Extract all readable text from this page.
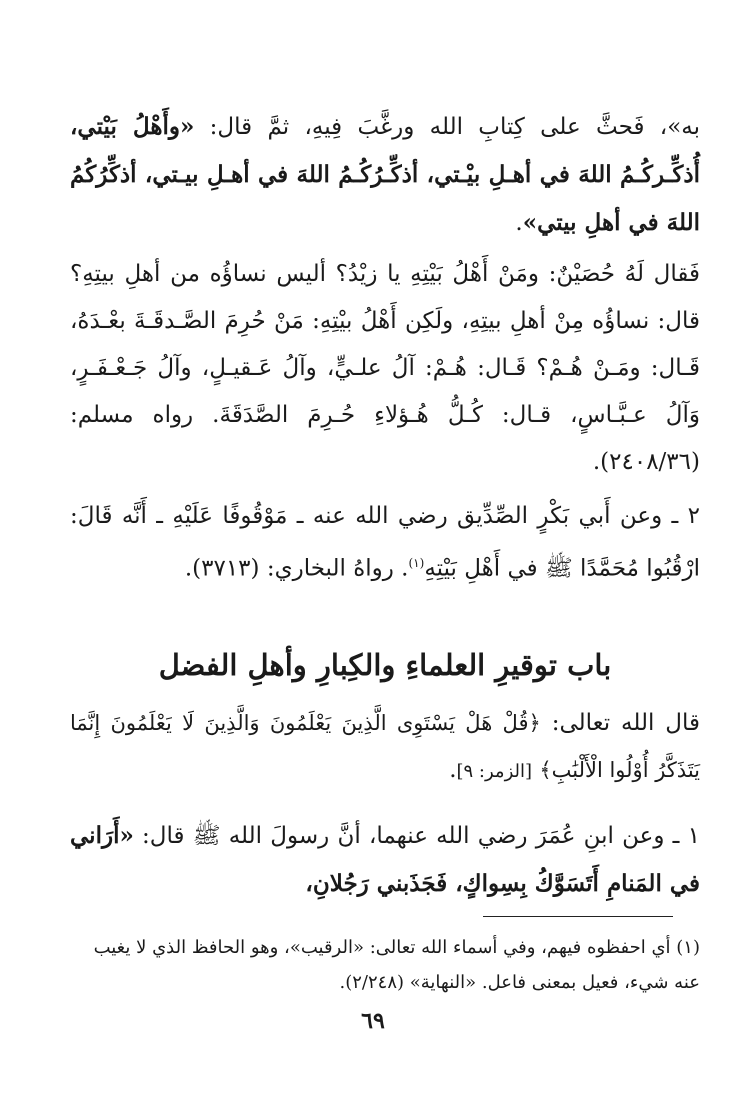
به»، فَحثَّ على كِتابِ الله ورغَّبَ فِيهِ، ثمَّ قال: «وأَهْلُ بَيْتي، أُذكِّـركُـمُ اللهَ في أهـلِ بيْـتي، أذكِّـرُكُـمُ اللهَ في أهـلِ بيـتي، أذكِّرُكُمُ اللهَ في أهلِ بيتي».
فَقال لَهُ حُصَيْنٌ: ومَنْ أَهْلُ بَيْتِهِ يا زيْدُ؟ أليس نساؤُه من أهلِ بيتِهِ؟ قال: نساؤُه مِنْ أهلِ بيتِهِ، ولَكِن أَهْلُ بيْتِهِ: مَنْ حُرِمَ الصَّـدقَـةَ بعْـدَهُ، قَـال: ومَـنْ هُـمْ؟ قَـال: هُـمْ: آلُ علـيٍّ، وآلُ عَـقيـلٍ، وآلُ جَـعْـفَـرٍ، وَآلُ عـبَّـاسٍ، قـال: كُـلُّ هُـؤلاءِ حُـرِمَ الصَّدَقَةَ. رواه مسلم: (٢٤٠٨/٣٦).
٢ ـ وعن أَبي بَكْرٍ الصِّدِّيق رضي الله عنه ـ مَوْقُوفًا عَلَيْهِ ـ أَنَّه قَالَ: ارْقُبُوا مُحَمَّدًا ﷺ في أَهْلِ بَيْتِهِ$^{(١)}$. رواهُ البخاري: (٣٧١٣).
باب توقيرِ العلماءِ والكِبارِ وأهلِ الفضل
قال الله تعالى: ﴿قُلْ هَلْ يَسْتَوِى الَّذِينَ يَعْلَمُونَ وَالَّذِينَ لَا يَعْلَمُونَ إِنَّمَا يَتَذَكَّرُ أُوْلُوا الْأَلْبَٰبِ﴾ [الزمر: ٩].
١ ـ وعن ابنِ عُمَرَ رضي الله عنهما، أنَّ رسولَ الله ﷺ قال: «أَرَاني في المَنامِ أَتَسَوَّكُ بِسِواكٍ، فَجَذَبني رَجُلانِ،
(١) أي احفظوه فيهم، وفي أسماء الله تعالى: «الرقيب»، وهو الحافظ الذي لا يغيب عنه شيء، فعيل بمعنى فاعل. «النهاية» (٢/٢٤٨).
٦٩
